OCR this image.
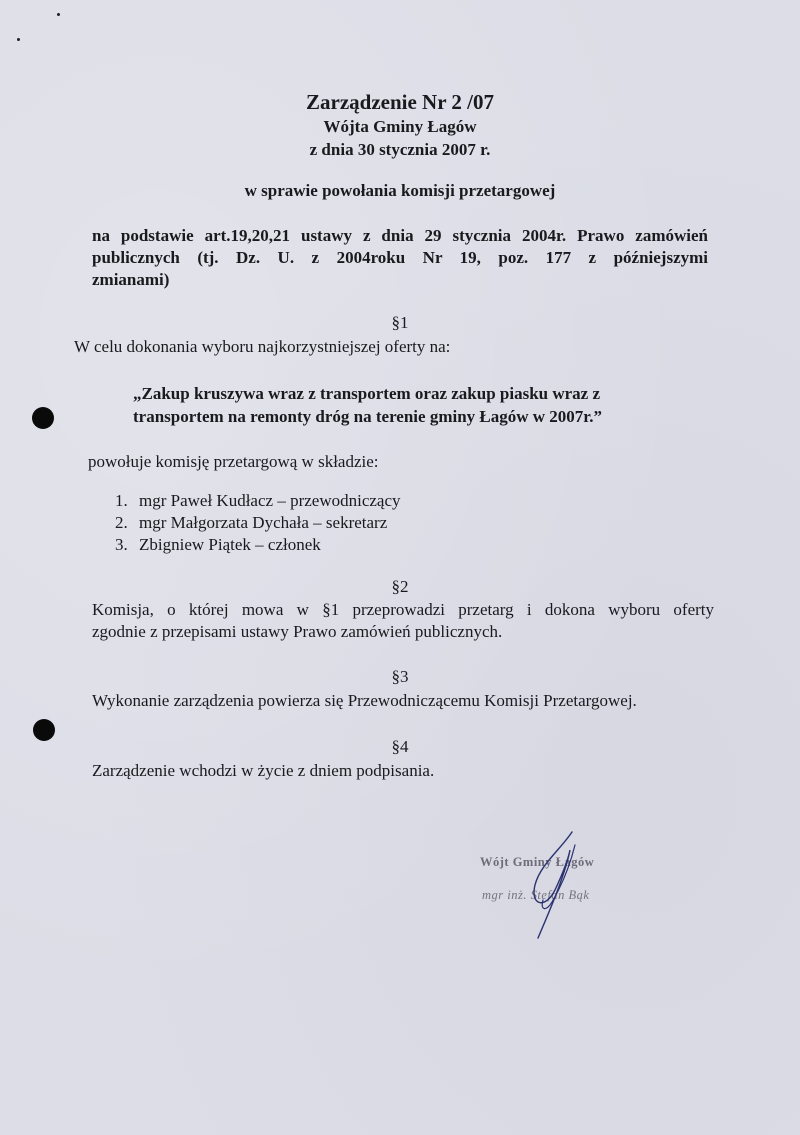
Zarządzenie Nr 2 /07
Wójta Gminy Łagów
z dnia 30 stycznia 2007 r.
w sprawie powołania komisji przetargowej
na podstawie art.19,20,21 ustawy z dnia 29 stycznia 2004r. Prawo zamówień
publicznych (tj. Dz. U. z 2004roku Nr 19, poz. 177 z późniejszymi
zmianami)
§1
W celu dokonania wyboru najkorzystniejszej oferty na:
„Zakup kruszywa wraz z transportem oraz zakup piasku wraz z
transportem na remonty dróg na terenie gminy Łagów w 2007r.”
powołuje komisję przetargową w składzie:
1. mgr Paweł Kudłacz – przewodniczący
2. mgr Małgorzata Dychała – sekretarz
3. Zbigniew Piątek – członek
§2
Komisja, o której mowa w §1 przeprowadzi przetarg i dokona wyboru oferty
zgodnie z przepisami ustawy Prawo zamówień publicznych.
§3
Wykonanie zarządzenia powierza się Przewodniczącemu Komisji Przetargowej.
§4
Zarządzenie wchodzi w życie z dniem podpisania.
Wójt Gminy Łagów
mgr inż. Stefan Bąk
